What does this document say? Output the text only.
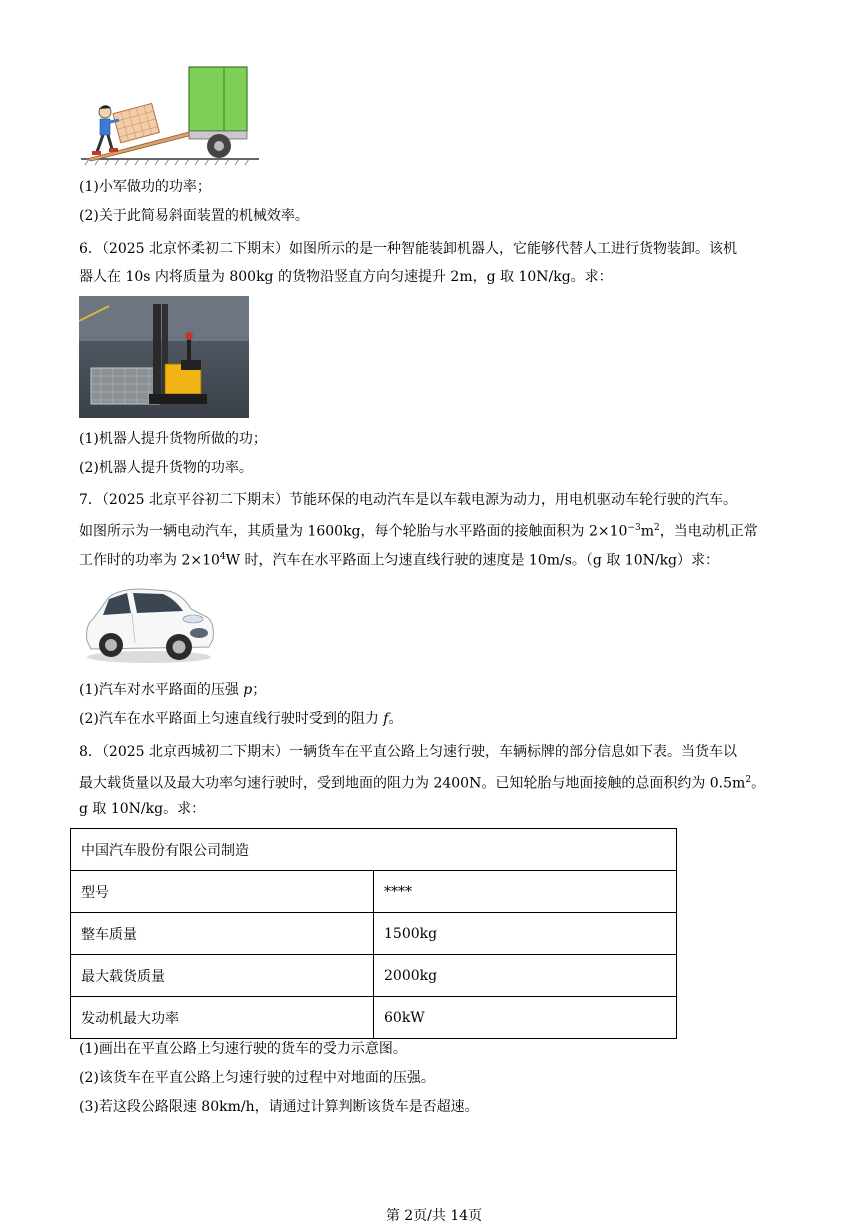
(1)小军做功的功率；
(2)关于此简易斜面装置的机械效率。
6．（2025 北京怀柔初二下期末）如图所示的是一种智能装卸机器人，它能够代替人工进行货物装卸。该机
器人在 10s 内将质量为 800kg 的货物沿竖直方向匀速提升 2m，g 取 10N/kg。求：
(1)机器人提升货物所做的功；
(2)机器人提升货物的功率。
7．（2025 北京平谷初二下期末）节能环保的电动汽车是以车载电源为动力，用电机驱动车轮行驶的汽车。
如图所示为一辆电动汽车，其质量为 1600kg，每个轮胎与水平路面的接触面积为 $2\times 10^{-3}m^2$，当电动机正常
工作时的功率为 $2\times 10^4W$ 时，汽车在水平路面上匀速直线行驶的速度是 10m/s。（g 取 10N/kg）求：
(1)汽车对水平路面的压强 p；
(2)汽车在水平路面上匀速直线行驶时受到的阻力 f。
8．（2025 北京西城初二下期末）一辆货车在平直公路上匀速行驶，车辆标牌的部分信息如下表。当货车以
最大载货量以及最大功率匀速行驶时，受到地面的阻力为 2400N。已知轮胎与地面接触的总面积约为 $0.5m^2$。
g 取 10N/kg。求：
中国汽车股份有限公司制造	
型号	****
整车质量	1500kg
最大载货质量	2000kg
发动机最大功率	60kW
(1)画出在平直公路上匀速行驶的货车的受力示意图。
(2)该货车在平直公路上匀速行驶的过程中对地面的压强。
(3)若这段公路限速 80km/h，请通过计算判断该货车是否超速。
第 2页/共 14页
